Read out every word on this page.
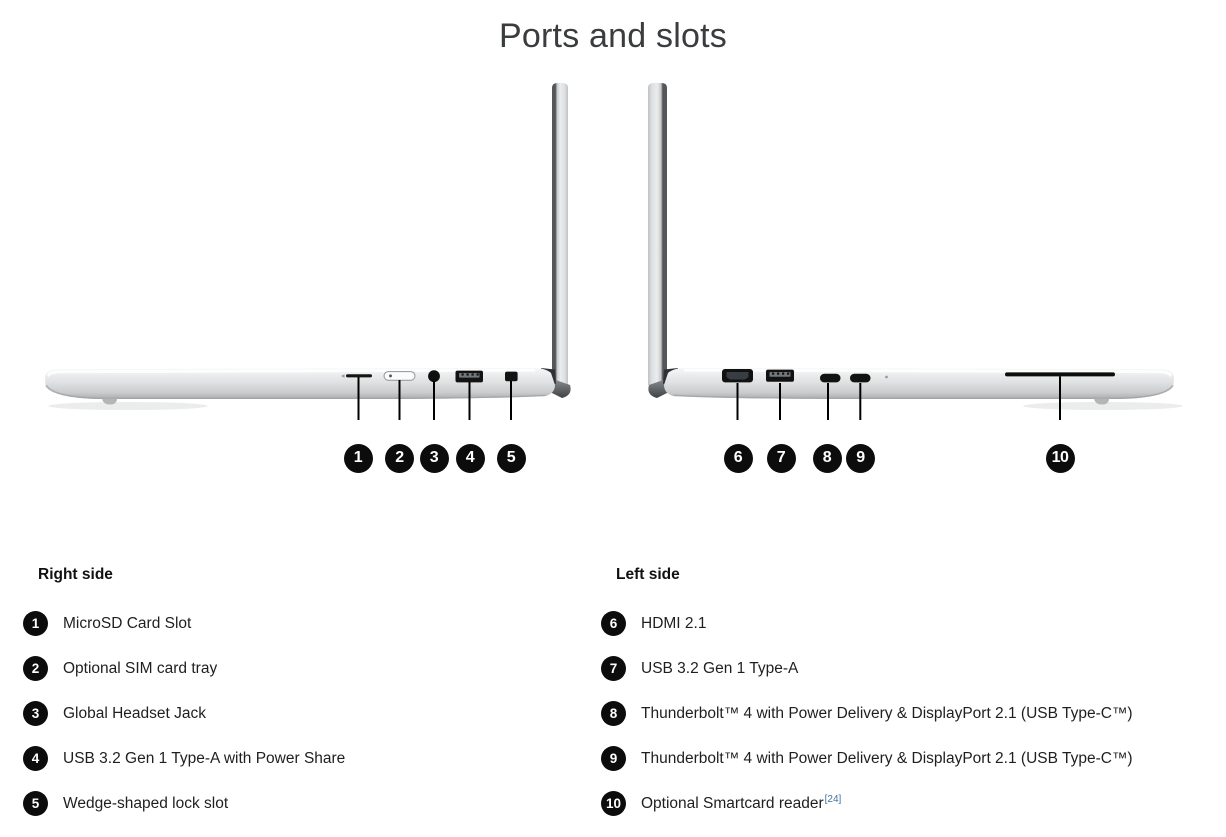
Ports and slots
1	2	3	4	5	6	7	8	9	10
Right side
1	MicroSD Card Slot
2	Optional SIM card tray
3	Global Headset Jack
4	USB 3.2 Gen 1 Type-A with Power Share
5	Wedge-shaped lock slot
Left side
6	HDMI 2.1
7	USB 3.2 Gen 1 Type-A
8	Thunderbolt™ 4 with Power Delivery & DisplayPort 2.1 (USB Type-C™)
9	Thunderbolt™ 4 with Power Delivery & DisplayPort 2.1 (USB Type-C™)
10	Optional Smartcard reader[24]
